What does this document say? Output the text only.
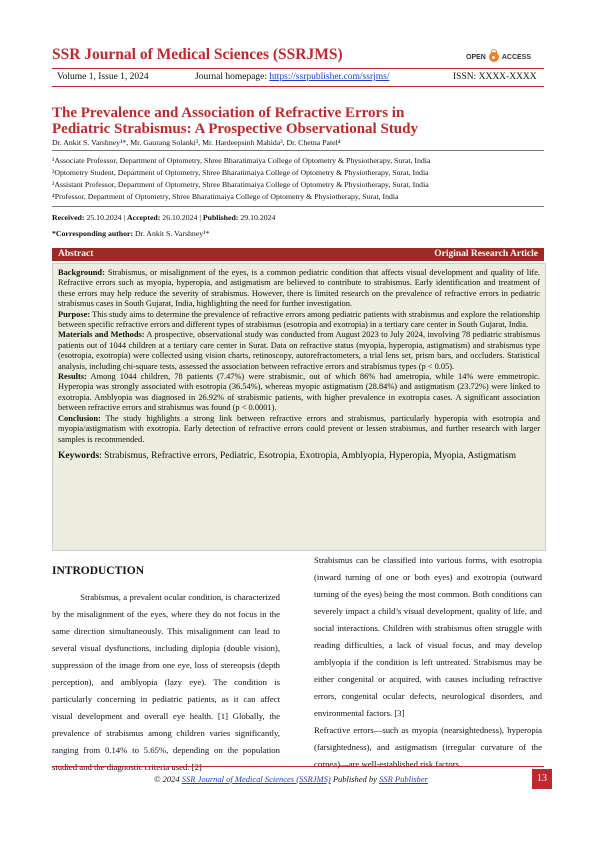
SSR Journal of Medical Sciences (SSRJMS)	OPEN ACCESS
Volume 1, Issue 1, 2024	Journal homepage: https://ssrpublisher.com/ssrjms/	ISSN: XXXX-XXXX
The Prevalence and Association of Refractive Errors in Pediatric Strabismus: A Prospective Observational Study
Dr. Ankit S. Varshney¹*, Mr. Gaurang Solanki², Mr. Hardeepsinh Mahida³, Dr. Chetna Patel⁴
¹Associate Professor, Department of Optometry, Shree Bharatimaiya College of Optometry & Physiotherapy, Surat, India
²Optometry Student, Department of Optometry, Shree Bharatimaiya College of Optometry & Physiotherapy, Surat, India
³Assistant Professor, Department of Optometry, Shree Bharatimaiya College of Optometry & Physiotherapy, Surat, India
⁴Professor, Department of Optometry, Shree Bharatimaiya College of Optometry & Physiotherapy, Surat, India
Received: 25.10.2024 | Accepted: 26.10.2024 | Published: 29.10.2024
*Corresponding author: Dr. Ankit S. Varshney¹*
Abstract	Original Research Article

Background: Strabismus, or misalignment of the eyes, is a common pediatric condition that affects visual development and quality of life. Refractive errors such as myopia, hyperopia, and astigmatism are believed to contribute to strabismus. Early identification and treatment of these errors may help reduce the severity of strabismus. However, there is limited research on the prevalence of refractive errors in pediatric strabismus cases in South Gujarat, India, highlighting the need for further investigation.

Purpose: This study aims to determine the prevalence of refractive errors among pediatric patients with strabismus and explore the relationship between specific refractive errors and different types of strabismus (esotropia and exotropia) in a tertiary care center in South Gujarat, India.

Materials and Methods: A prospective, observational study was conducted from August 2023 to July 2024, involving 78 pediatric strabismus patients out of 1044 children at a tertiary care center in Surat. Data on refractive status (myopia, hyperopia, astigmatism) and strabismus type (esotropia, exotropia) were collected using vision charts, retinoscopy, autorefractometers, a trial lens set, prism bars, and occluders. Statistical analysis, including chi-square tests, assessed the association between refractive errors and strabismus types (p < 0.05).

Results: Among 1044 children, 78 patients (7.47%) were strabismic, out of which 86% had ametropia, while 14% were emmetropic. Hyperopia was strongly associated with esotropia (36.54%), whereas myopic astigmatism (28.84%) and astigmatism (23.72%) were linked to exotropia. Amblyopia was diagnosed in 26.92% of strabismic patients, with higher prevalence in exotropia cases. A significant association between refractive errors and strabismus was found (p < 0.0001).

Conclusion: The study highlights a strong link between refractive errors and strabismus, particularly hyperopia with esotropia and myopia/astigmatism with exotropia. Early detection of refractive errors could prevent or lessen strabismus, and further research with larger samples is recommended.

Keywords: Strabismus, Refractive errors, Pediatric, Esotropia, Exotropia, Amblyopia, Hyperopia, Myopia, Astigmatism

INTRODUCTION
Strabismus, a prevalent ocular condition, is characterized by the misalignment of the eyes, where they do not focus in the same direction simultaneously. This misalignment can lead to several visual dysfunctions, including diplopia (double vision), suppression of the image from one eye, loss of stereopsis (depth perception), and amblyopia (lazy eye). The condition is particularly concerning in pediatric patients, as it can affect visual development and overall eye health. [1] Globally, the prevalence of strabismus among children varies significantly, ranging from 0.14% to 5.65%, depending on the population studied and the diagnostic criteria used. [2]
Strabismus can be classified into various forms, with esotropia (inward turning of one or both eyes) and exotropia (outward turning of the eyes) being the most common. Both conditions can severely impact a child’s visual development, quality of life, and social interactions. Children with strabismus often struggle with reading difficulties, a lack of visual focus, and may develop amblyopia if the condition is left untreated. Strabismus may be either congenital or acquired, with causes including refractive errors, congenital ocular defects, neurological disorders, and environmental factors. [3]
Refractive errors—such as myopia (nearsightedness), hyperopia (farsightedness), and astigmatism (irregular curvature of the cornea)—are well-established risk factors
© 2024 SSR Journal of Medical Sciences (SSRJMS) Published by SSR Publisher	13
